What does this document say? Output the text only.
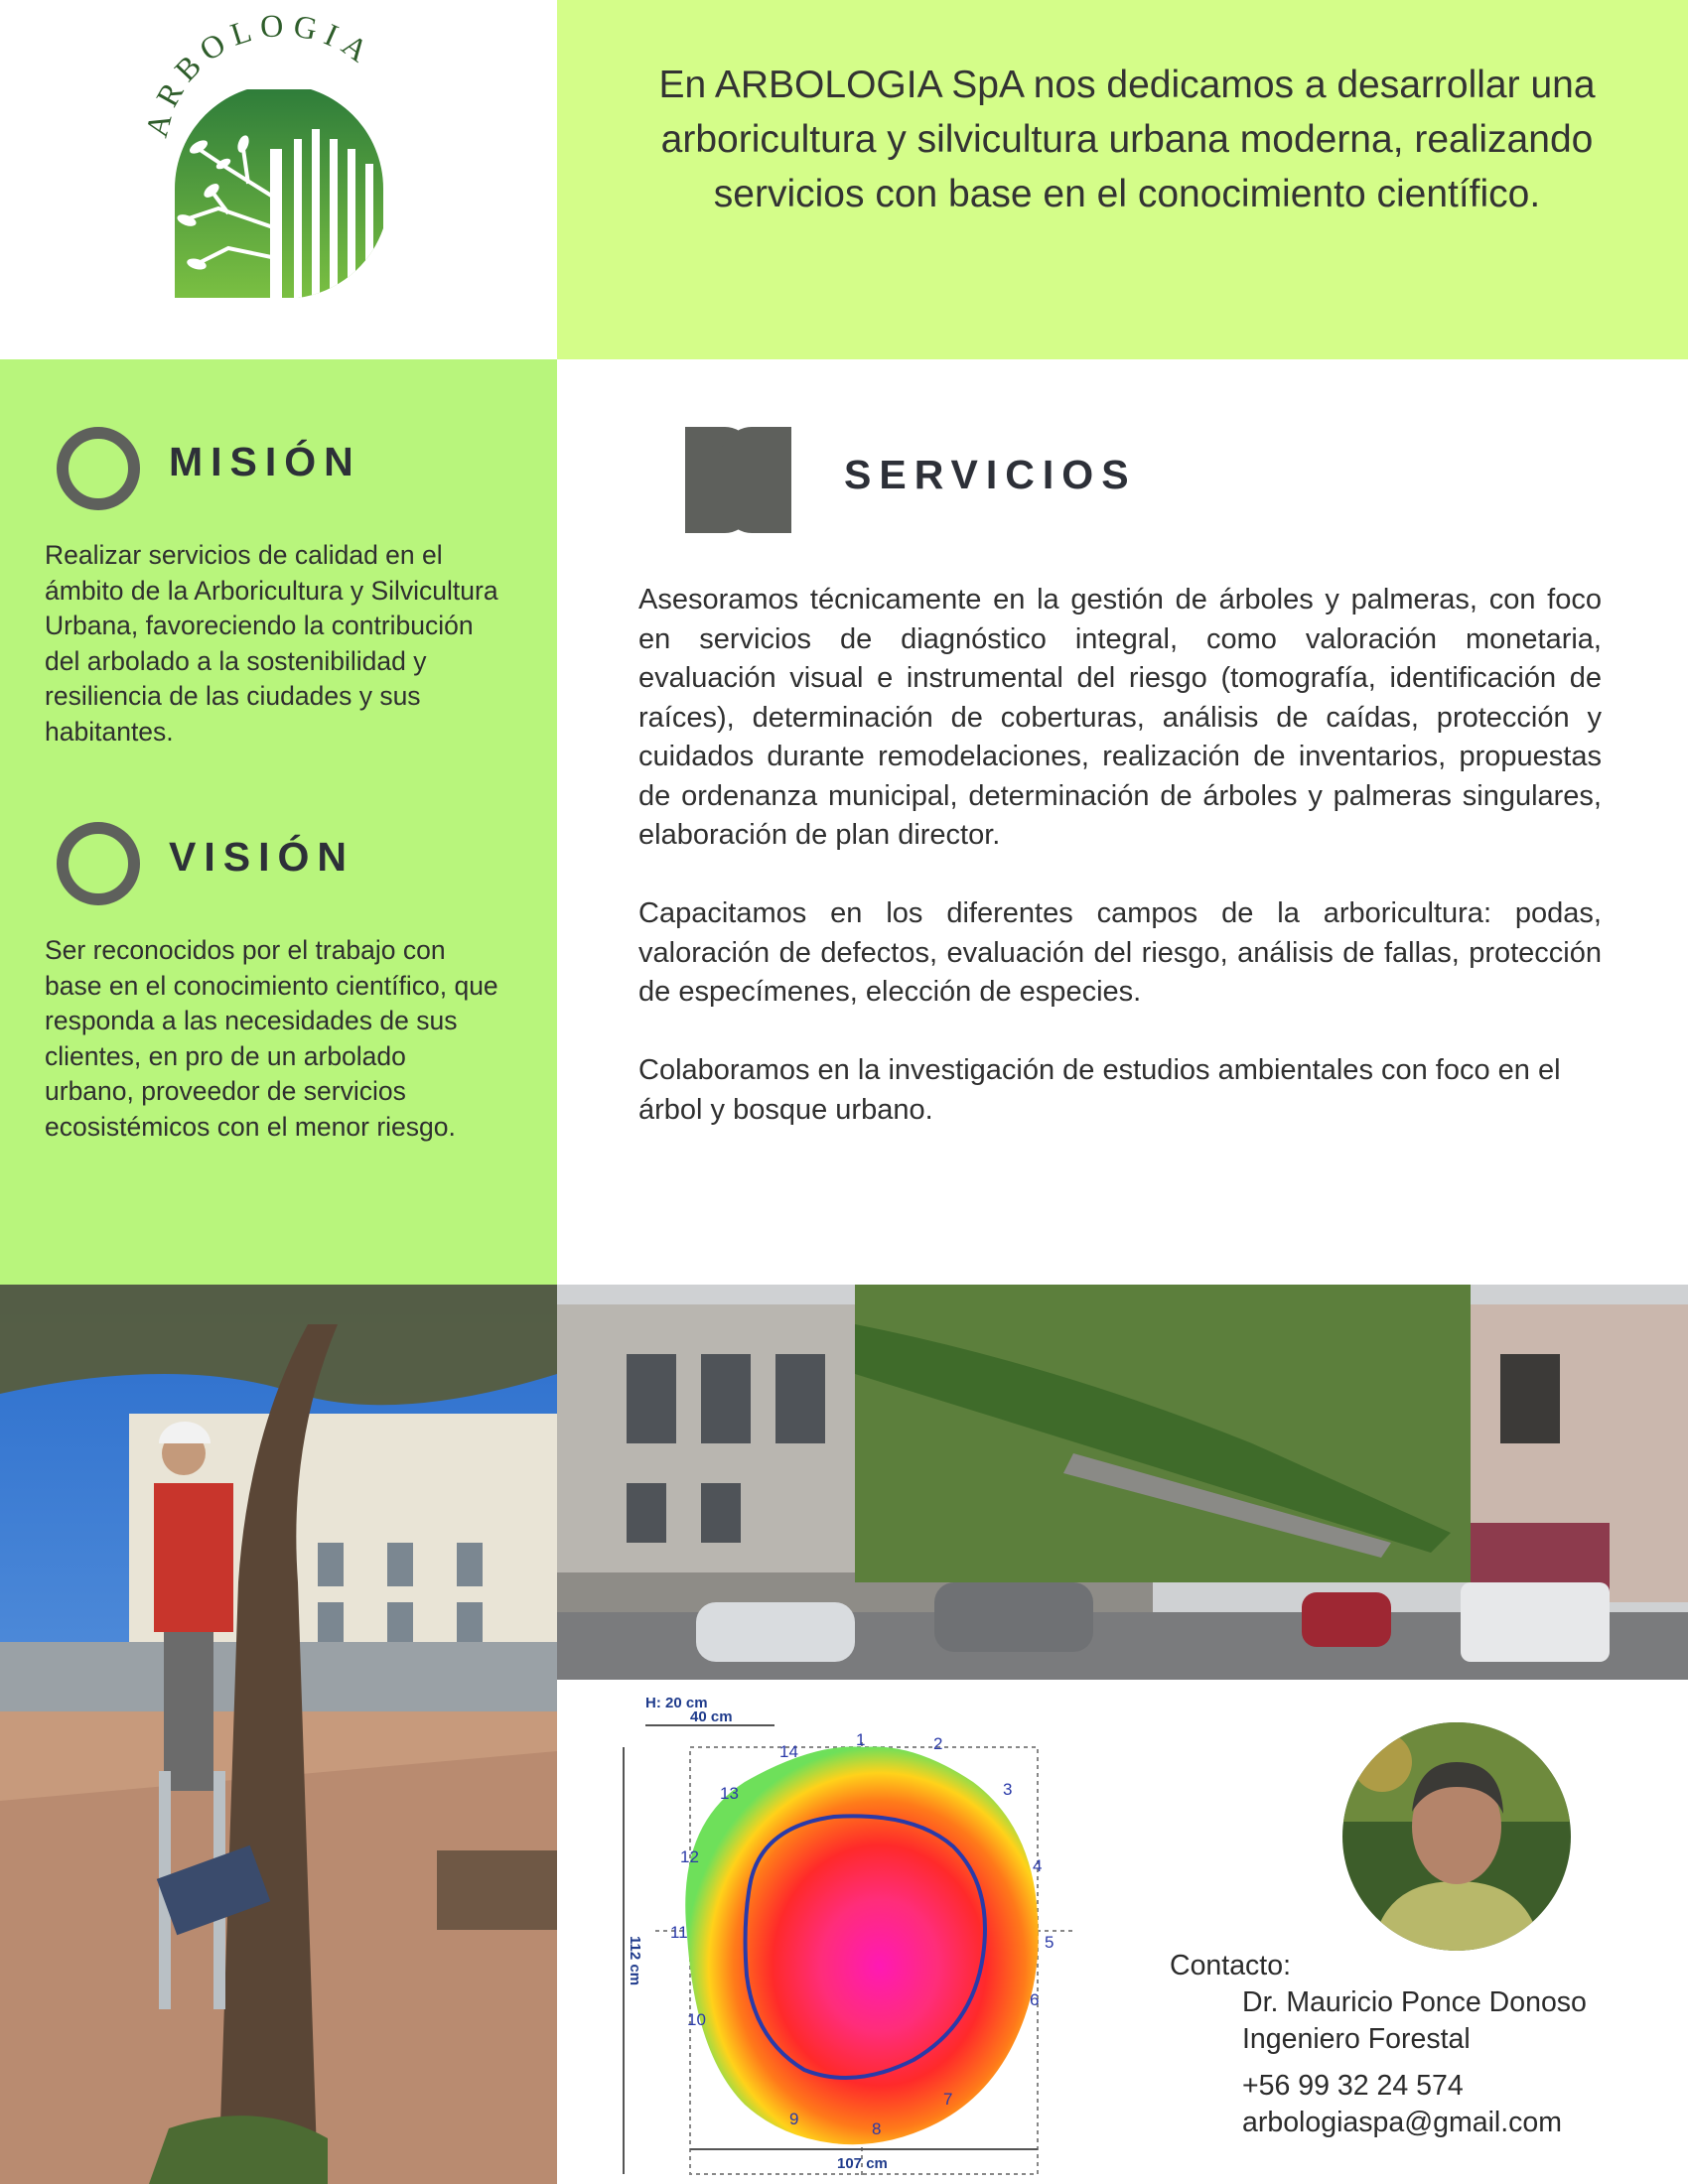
ARBOLOGIA
En ARBOLOGIA SpA nos dedicamos a desarrollar una arboricultura y silvicultura urbana moderna, realizando servicios con base en el conocimiento científico.
MISIÓN
Realizar servicios de calidad en el ámbito de la Arboricultura y Silvicultura Urbana, favoreciendo la contribución del arbolado a la sostenibilidad y resiliencia de las ciudades y sus habitantes.
VISIÓN
Ser reconocidos por el trabajo con base en el conocimiento científico, que responda a las necesidades de sus clientes, en pro de un arbolado urbano, proveedor de servicios ecosistémicos con el menor riesgo.
SERVICIOS
Asesoramos técnicamente en la gestión de árboles y palmeras, con foco en servicios de diagnóstico integral, como valoración monetaria, evaluación visual e instrumental del riesgo (tomografía, identificación de raíces), determinación de coberturas, análisis de caídas, protección y cuidados durante remodelaciones, realización de inventarios, propuestas de ordenanza municipal, determinación de árboles y palmeras singulares, elaboración de plan director.
Capacitamos en los diferentes campos de la arboricultura: podas, valoración de defectos, evaluación del riesgo, análisis de fallas, protección de especímenes, elección de especies.
Colaboramos en la investigación de estudios ambientales con foco en el árbol y bosque urbano.
H: 20 cm
40 cm
112 cm
107 cm
1	2
3
4
5
6
7
8
9
10
11
12
13
14
Contacto:
Dr. Mauricio Ponce Donoso
Ingeniero Forestal
+56 99 32 24 574
arbologiaspa@gmail.com
